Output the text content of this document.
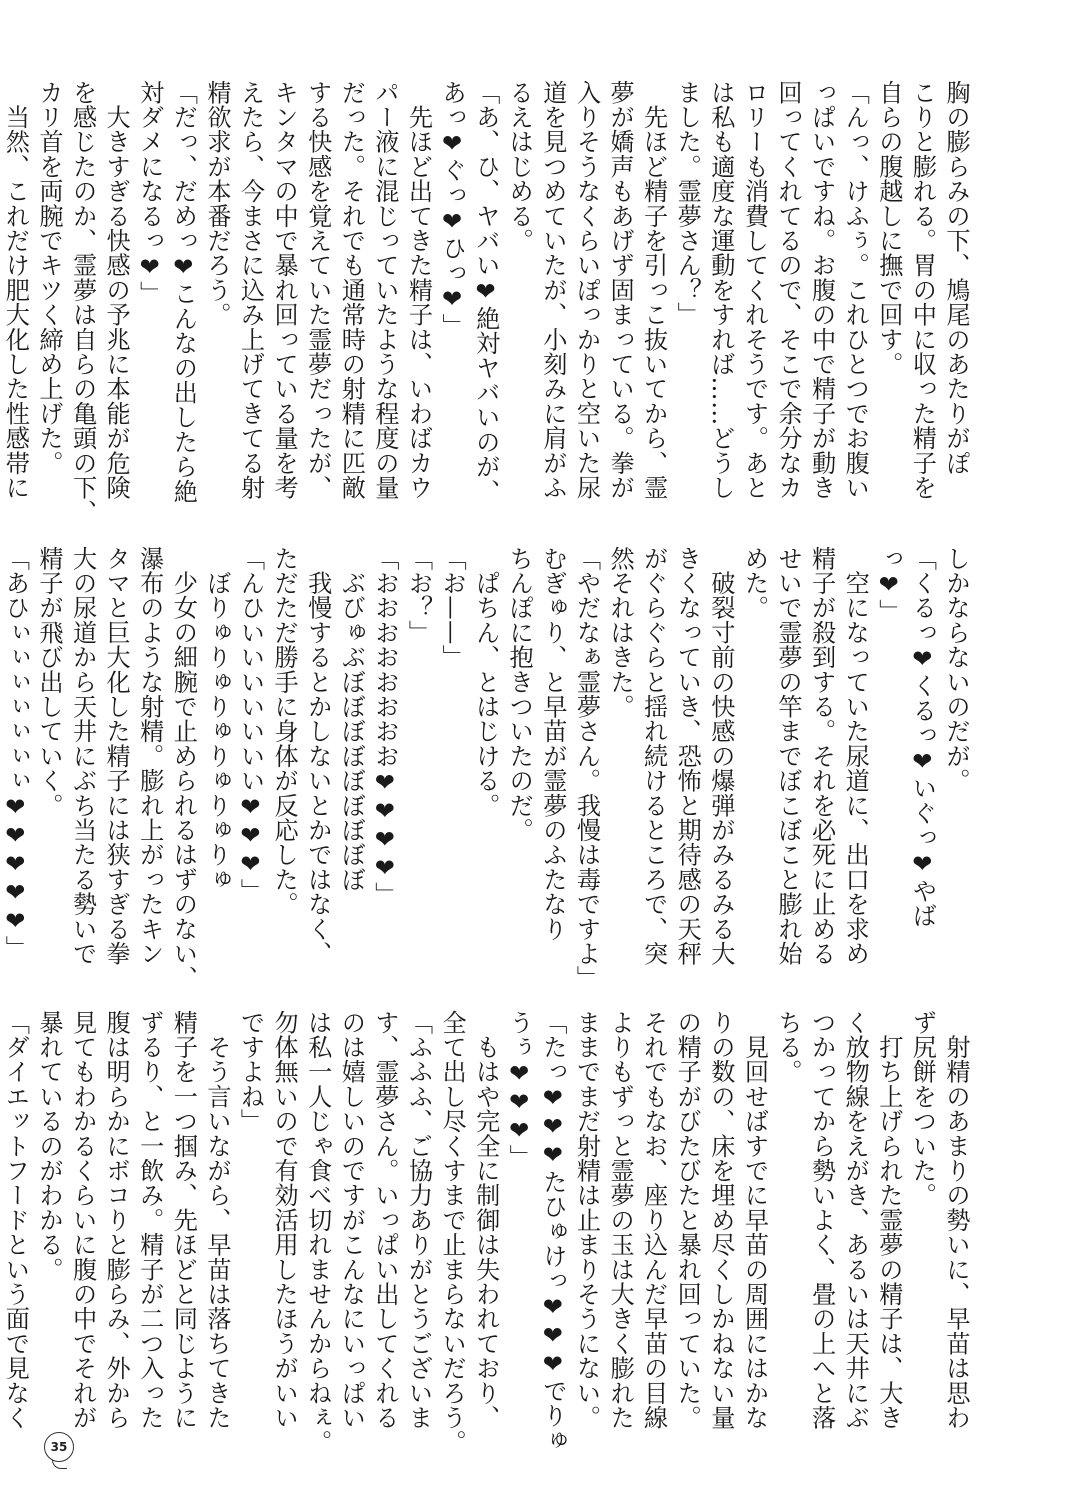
胸の膨らみの下、鳩尾のあたりがぽ

こりと膨れる。胃の中に収った精子を

自らの腹越しに撫で回す。

「んっ、けふぅ。これひとつでお腹い

っぱいですね。お腹の中で精子が動き

回ってくれてるので、そこで余分なカ

ロリーも消費してくれそうです。あと

は私も適度な運動をすれば……どうし

ました。霊夢さん？」

　先ほど精子を引っこ抜いてから、霊

夢が嬌声もあげず固まっている。拳が

入りそうなくらいぽっかりと空いた尿

道を見つめていたが、小刻みに肩がふ

るえはじめる。

「あ、ひ、ヤバい❤絶対ヤバいのが、

あっ❤ぐっ❤ひっ❤」

　先ほど出てきた精子は、いわばカウ

パー液に混じっていたような程度の量

だった。それでも通常時の射精に匹敵

する快感を覚えていた霊夢だったが、

キンタマの中で暴れ回っている量を考

えたら、今まさに込み上げてきてる射

精欲求が本番だろう。

「だっ、だめっ❤こんなの出したら絶

対ダメになるっ❤」

　大きすぎる快感の予兆に本能が危険

を感じたのか、霊夢は自らの亀頭の下、

カリ首を両腕でキツく締め上げた。

　当然、これだけ肥大化した性感帯に

しかならないのだが。

「くるっ❤くるっ❤いぐっ❤やば

っ❤」

　空になっていた尿道に、出口を求め

精子が殺到する。それを必死に止める

せいで霊夢の竿までぼこぼこと膨れ始

めた。

　破裂寸前の快感の爆弾がみるみる大

きくなっていき、恐怖と期待感の天秤

がぐらぐらと揺れ続けるところで、突

然それはきた。

「やだなぁ霊夢さん。我慢は毒ですよ」

むぎゅり、と早苗が霊夢のふたなり

ちんぽに抱きついたのだ。

　ぱちん、とはじける。

「お——」

「お？」

「おおおおおおおお❤❤❤❤」

　ぶびゅぶぼぼぼぼぼぼぼぼぼ

　我慢するとかしないとかではなく、

ただただ勝手に身体が反応した。

「んひいいいいいいい❤❤❤」

　ぼりゅりゅりゅりゅりゅりゅ

　少女の細腕で止められるはずのない、

瀑布のような射精。膨れ上がったキン

タマと巨大化した精子には狭すぎる拳

大の尿道から天井にぶち当たる勢いで

精子が飛び出していく。

「あひぃぃぃぃぃぃぃ❤❤❤❤❤」

　射精のあまりの勢いに、早苗は思わ

ず尻餅をついた。

　打ち上げられた霊夢の精子は、大き

く放物線をえがき、あるいは天井にぶ

つかってから勢いよく、畳の上へと落

ちる。

　見回せばすでに早苗の周囲にはかな

りの数の、床を埋め尽くしかねない量

の精子がびたびたと暴れ回っていた。

それでもなお、座り込んだ早苗の目線

よりもずっと霊夢の玉は大きく膨れた

ままでまだ射精は止まりそうにない。

「たっ❤❤❤たひゅけっ❤❤❤でりゅ

うぅ❤❤❤」

　もはや完全に制御は失われており、

全て出し尽くすまで止まらないだろう。

「ふふふ、ご協力ありがとうございま

す、霊夢さん。いっぱい出してくれる

のは嬉しいのですがこんなにいっぱい

は私一人じゃ食べ切れませんからねぇ。

勿体無いので有効活用したほうがいい

ですよね」

　そう言いながら、早苗は落ちてきた

精子を一つ掴み、先ほどと同じように

ずるり、と一飲み。精子が二つ入った

腹は明らかにボコりと膨らみ、外から

見てもわかるくらいに腹の中でそれが

暴れているのがわかる。

「ダイエットフードという面で見なく

35
